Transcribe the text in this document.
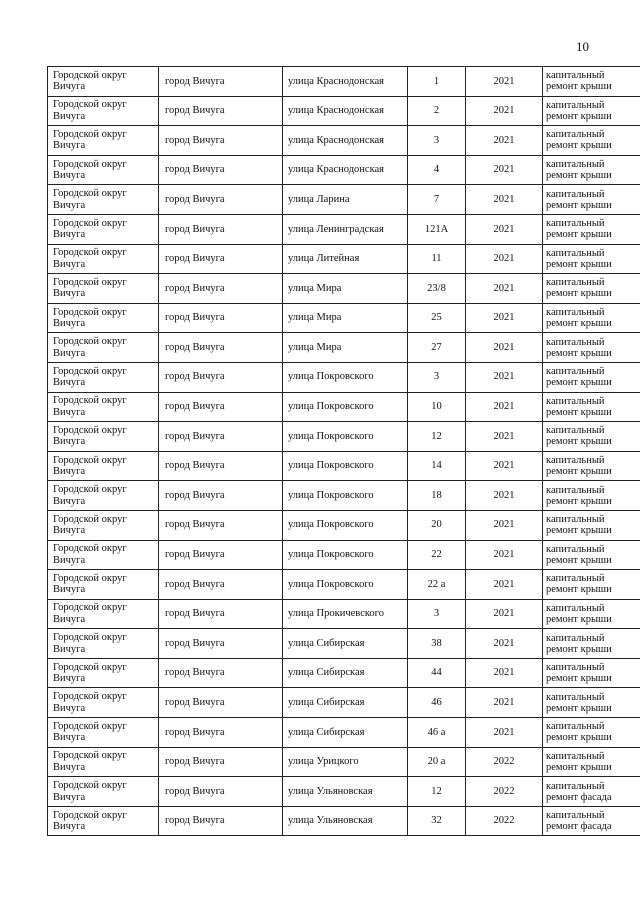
10
Городской округ Вичуга	город Вичуга	улица Краснодонская	1	2021	капитальный ремонт крыши
Городской округ Вичуга	город Вичуга	улица Краснодонская	2	2021	капитальный ремонт крыши
Городской округ Вичуга	город Вичуга	улица Краснодонская	3	2021	капитальный ремонт крыши
Городской округ Вичуга	город Вичуга	улица Краснодонская	4	2021	капитальный ремонт крыши
Городской округ Вичуга	город Вичуга	улица Ларина	7	2021	капитальный ремонт крыши
Городской округ Вичуга	город Вичуга	улица Ленинградская	121А	2021	капитальный ремонт крыши
Городской округ Вичуга	город Вичуга	улица Литейная	11	2021	капитальный ремонт крыши
Городской округ Вичуга	город Вичуга	улица Мира	23/8	2021	капитальный ремонт крыши
Городской округ Вичуга	город Вичуга	улица Мира	25	2021	капитальный ремонт крыши
Городской округ Вичуга	город Вичуга	улица Мира	27	2021	капитальный ремонт крыши
Городской округ Вичуга	город Вичуга	улица Покровского	3	2021	капитальный ремонт крыши
Городской округ Вичуга	город Вичуга	улица Покровского	10	2021	капитальный ремонт крыши
Городской округ Вичуга	город Вичуга	улица Покровского	12	2021	капитальный ремонт крыши
Городской округ Вичуга	город Вичуга	улица Покровского	14	2021	капитальный ремонт крыши
Городской округ Вичуга	город Вичуга	улица Покровского	18	2021	капитальный ремонт крыши
Городской округ Вичуга	город Вичуга	улица Покровского	20	2021	капитальный ремонт крыши
Городской округ Вичуга	город Вичуга	улица Покровского	22	2021	капитальный ремонт крыши
Городской округ Вичуга	город Вичуга	улица Покровского	22 а	2021	капитальный ремонт крыши
Городской округ Вичуга	город Вичуга	улица Прокичевского	3	2021	капитальный ремонт крыши
Городской округ Вичуга	город Вичуга	улица Сибирская	38	2021	капитальный ремонт крыши
Городской округ Вичуга	город Вичуга	улица Сибирская	44	2021	капитальный ремонт крыши
Городской округ Вичуга	город Вичуга	улица Сибирская	46	2021	капитальный ремонт крыши
Городской округ Вичуга	город Вичуга	улица Сибирская	46 а	2021	капитальный ремонт крыши
Городской округ Вичуга	город Вичуга	улица Урицкого	20 а	2022	капитальный ремонт крыши
Городской округ Вичуга	город Вичуга	улица Ульяновская	12	2022	капитальный ремонт фасада
Городской округ Вичуга	город Вичуга	улица Ульяновская	32	2022	капитальный ремонт фасада
